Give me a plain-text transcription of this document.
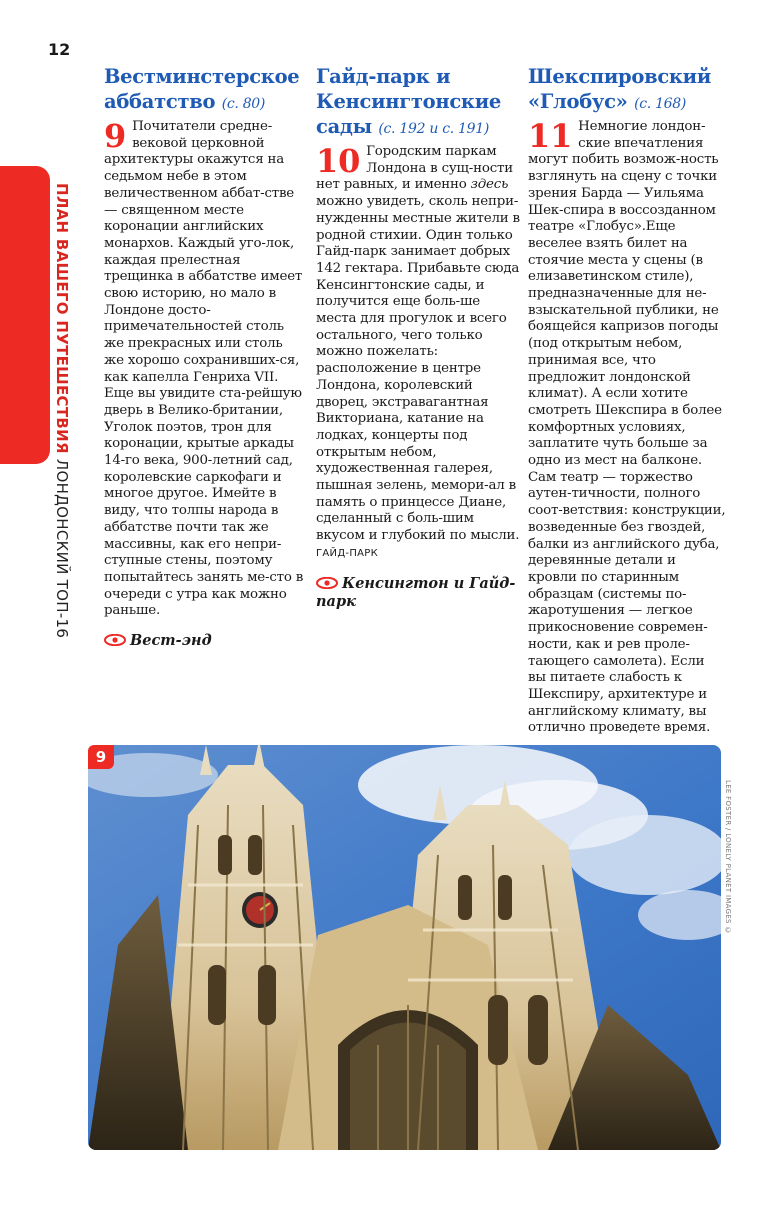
12
ПЛАН ВАШЕГО ПУТЕШЕСТВИЯ ЛОНДОНСКИЙ ТОП-16
Вестминстерское аббатство (с. 80)
9 Почитатели средне-​вековой церковной архитектуры окажутся на седьмом небе в этом величественном аббат-​стве — священном месте коронации английских монархов. Каждый уго-​лок, каждая прелестная трещинка в аббатстве имеет свою историю, но мало в Лондоне досто-​примечательностей столь же прекрасных или столь же хорошо сохранивших-​ся, как капелла Генриха VII. Еще вы увидите ста-​рейшую дверь в Велико-​британии, Уголок поэтов, трон для коронации, крытые аркады 14-го века, 900-летний сад, королевские саркофаги и многое другое. Имейте в виду, что толпы народа в аббатстве почти так же массивны, как его непри-​ступные стены, поэтому попытайтесь занять ме-​сто в очереди с утра как можно раньше.
Вест-энд
Гайд-парк и Кенсингтонские сады (с. 192 и с. 191)
10 Городским паркам Лондона в сущ-​ности нет равных, и именно здесь можно увидеть, сколь непри-​нужденны местные жители в родной стихии. Один только Гайд-парк занимает добрых 142 гектара. Прибавьте сюда Кенсингтонские сады, и получится еще боль-​ше места для прогулок и всего остального, чего только можно пожелать: расположение в центре Лондона, королевский дворец, экстравагантная Викториана, катание на лодках, концерты под открытым небом, художественная галерея, пышная зелень, мемори-​ал в память о принцессе Диане, сделанный с боль-​шим вкусом и глубокий по мысли. ГАЙД-ПАРК
Кенсингтон и Гайд-парк
Шекспировский «Глобус» (с. 168)
11 Немногие лондон-​ские впечатления могут побить возмож-​ность взглянуть на сцену с точки зрения Барда — Уильяма Шек-​спира в воссозданном театре «Глобус».Еще веселее взять билет на стоячие места у сцены (в елизаветинском стиле), предназначенные для не-​взыскательной публики, не боящейся капризов погоды (под открытым небом, принимая все, что предложит лондонской климат). А если хотите смотреть Шекспира в более комфортных условиях, заплатите чуть больше за одно из мест на балконе. Сам театр — торжество аутен-​тичности, полного соот-​ветствия: конструкции, возведенные без гвоздей, балки из английского дуба, деревянные детали и кровли по старинным образцам (системы по-​жаротушения — легкое прикосновение современ-​ности, как и рев проле-​тающего самолета). Если вы питаете слабость к Шекспиру, архитектуре и английскому климату, вы отлично проведете время.
9
LEE FOSTER / LONELY PLANET IMAGES ©
